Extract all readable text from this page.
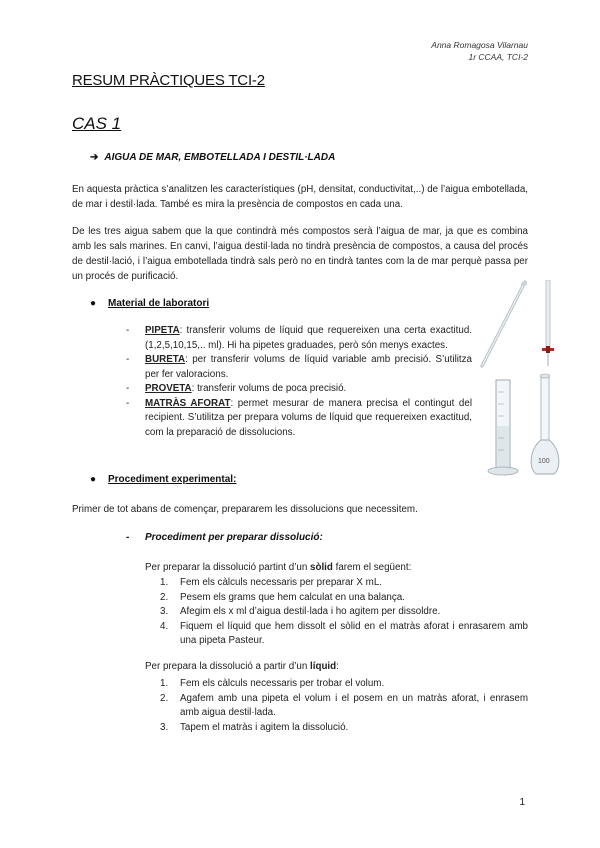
Anna Romagosa Vilarnau
1r CCAA, TCI-2
RESUM PRÀCTIQUES TCI-2
CAS 1
➔ AIGUA DE MAR, EMBOTELLADA I DESTIL·LADA
En aquesta pràctica s’analitzen les característiques (pH, densitat, conductivitat,..) de l’aigua embotellada, de mar i destil·lada. També es mira la presència de compostos en cada una.
De les tres aigua sabem que la que contindrà més compostos serà l’aigua de mar, ja que es combina amb les sals marines. En canvi, l’aigua destil·lada no tindrà presència de compostos, a causa del procés de destil·lació, i l’aigua embotellada tindrà sals però no en tindrà tantes com la de mar perquè passa per un procés de purificació.
● Material de laboratori
- PIPETA: transferir volums de líquid que requereixen una certa exactitud. (1,2,5,10,15,.. ml). Hi ha pipetes graduades, però són menys exactes.
- BURETA: per transferir volums de líquid variable amb precisió. S’utilitza per fer valoracions.
- PROVETA: transferir volums de poca precisió.
- MATRÀS AFORAT: permet mesurar de manera precisa el contingut del recipient. S’utilitza per prepara volums de líquid que requereixen exactitud, com la preparació de dissolucions.
100
● Procediment experimental:
Primer de tot abans de començar, prepararem les dissolucions que necessitem.
- Procediment per preparar dissolució:
Per preparar la dissolució partint d’un sòlid farem el següent:
1. Fem els càlculs necessaris per preparar X mL.
2. Pesem els grams que hem calculat en una balança.
3. Afegim els x ml d’aigua destil·lada i ho agitem per dissoldre.
4. Fiquem el líquid que hem dissolt el sòlid en el matràs aforat i enrasarem amb una pipeta Pasteur.
Per prepara la dissolució a partir d’un líquid:
1. Fem els càlculs necessaris per trobar el volum.
2. Agafem amb una pipeta el volum i el posem en un matràs aforat, i enrasem amb aigua destil·lada.
3. Tapem el matràs i agitem la dissolució.
1
